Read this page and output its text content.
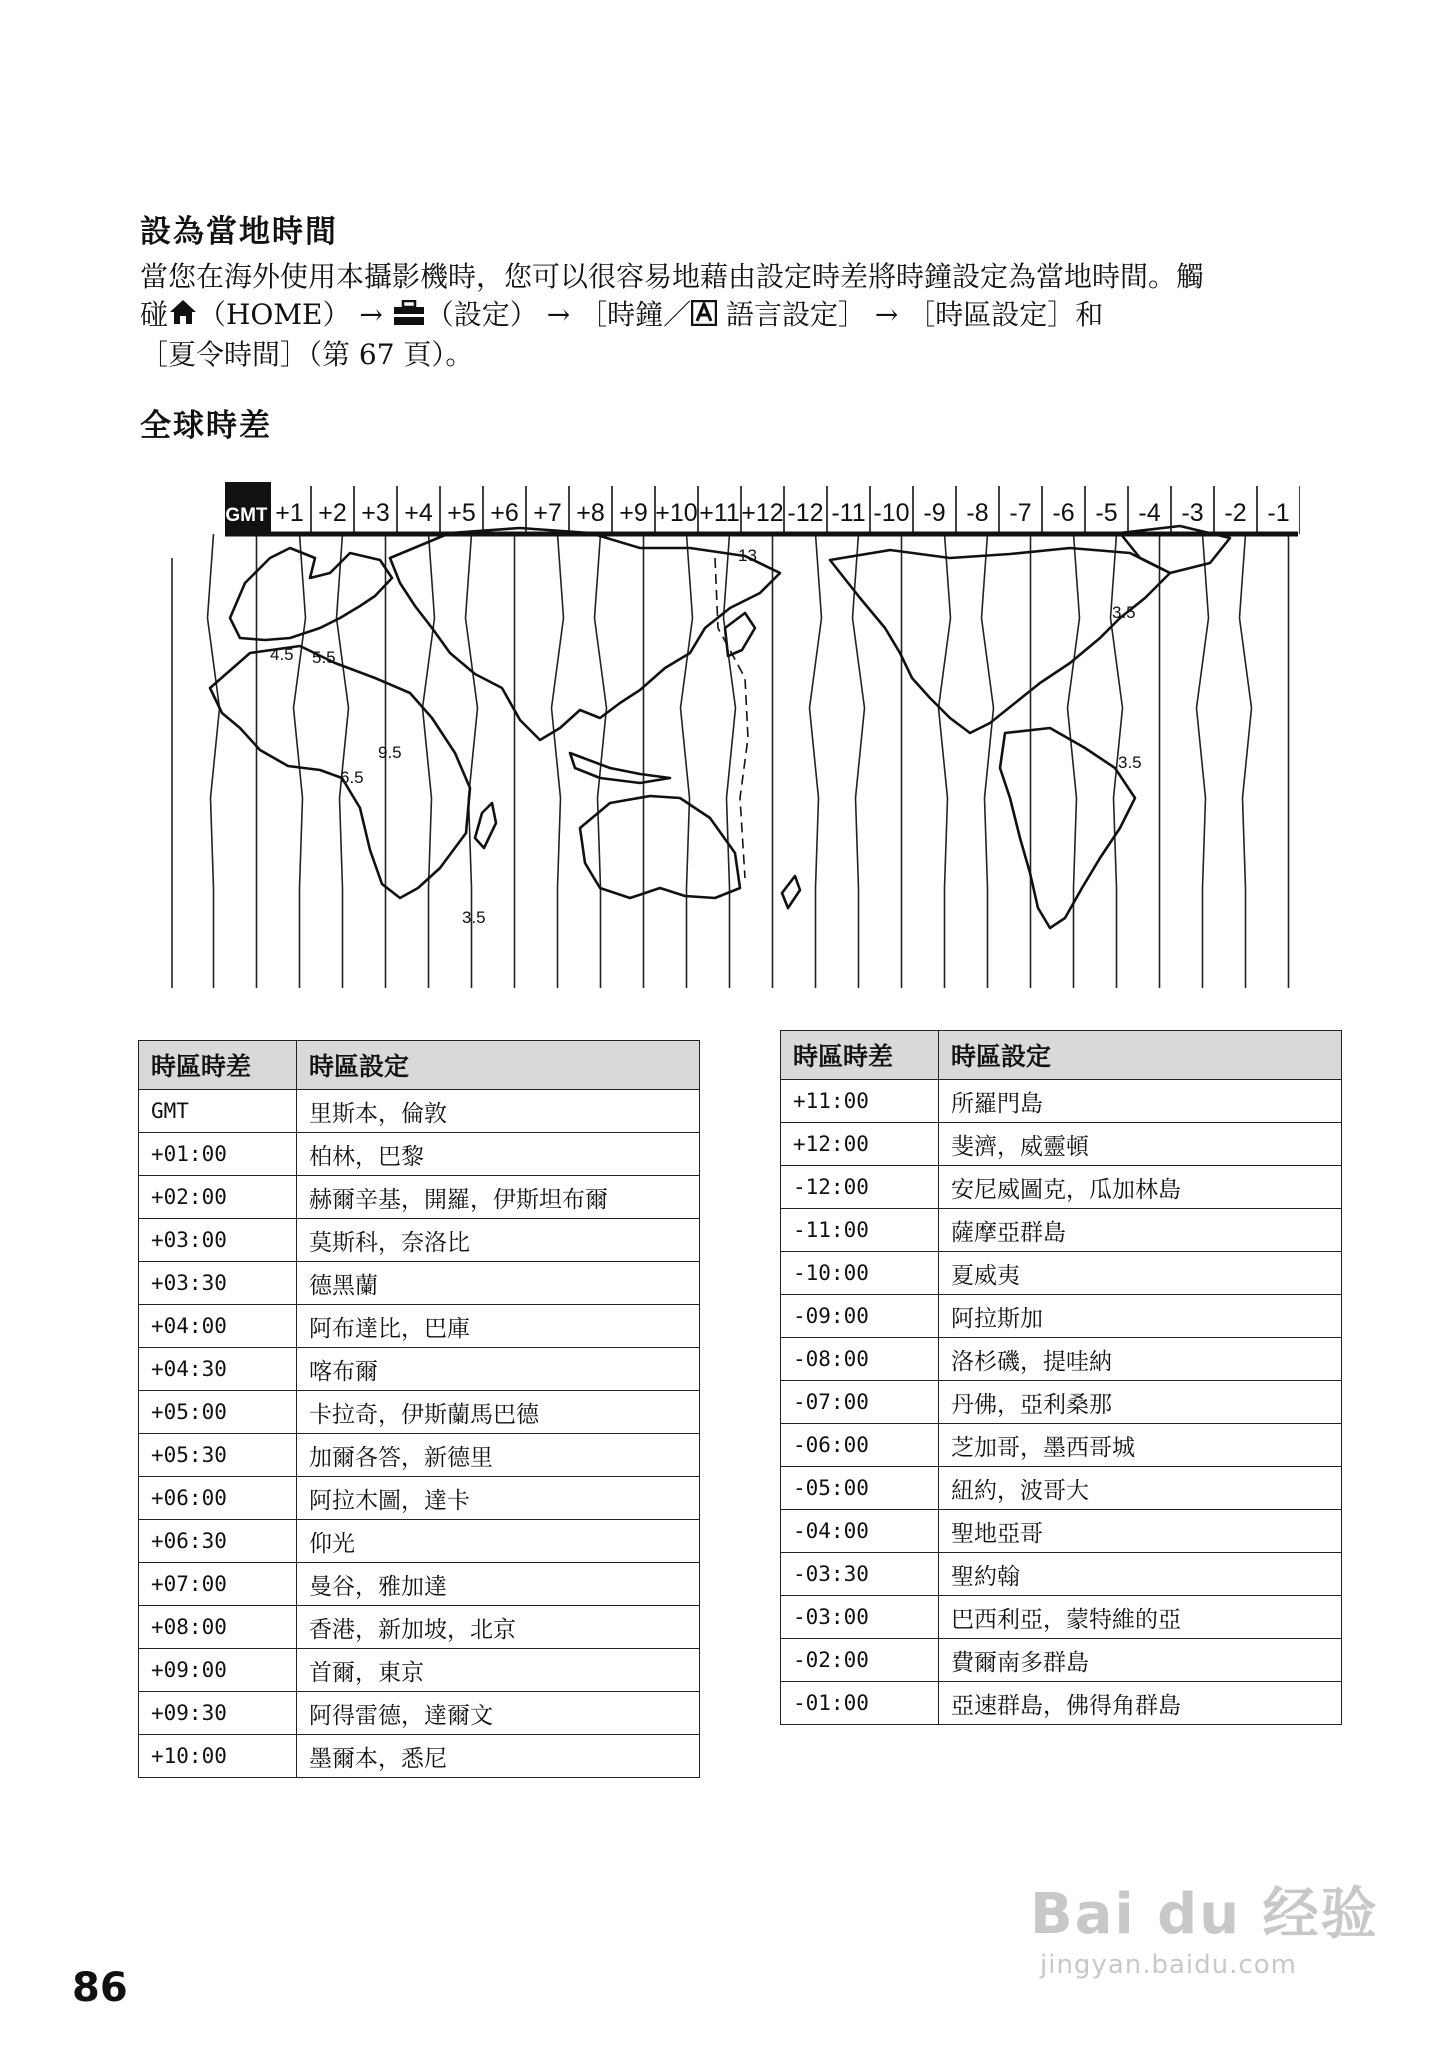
設為當地時間
當您在海外使用本攝影機時，您可以很容易地藉由設定時差將時鐘設定為當地時間。觸
碰 （HOME） → （設定） → ［時鐘／ 語言設定］ → ［時區設定］和
［夏令時間］（第 67 頁）。
全球時差
GMT +1 +2 +3 +4 +5 +6 +7 +8 +9 +10 +11 +12 -12 -11 -10 -9 -8 -7 -6 -5 -4 -3 -2 -1
13
3.5
4.5 5.5
6.5
9.5
3.5
3.5
時區時差	時區設定
GMT	里斯本，倫敦
+01:00	柏林，巴黎
+02:00	赫爾辛基，開羅，伊斯坦布爾
+03:00	莫斯科，奈洛比
+03:30	德黑蘭
+04:00	阿布達比，巴庫
+04:30	喀布爾
+05:00	卡拉奇，伊斯蘭馬巴德
+05:30	加爾各答，新德里
+06:00	阿拉木圖，達卡
+06:30	仰光
+07:00	曼谷，雅加達
+08:00	香港，新加坡，北京
+09:00	首爾，東京
+09:30	阿得雷德，達爾文
+10:00	墨爾本，悉尼
時區時差	時區設定
+11:00	所羅門島
+12:00	斐濟，威靈頓
-12:00	安尼威圖克，瓜加林島
-11:00	薩摩亞群島
-10:00	夏威夷
-09:00	阿拉斯加
-08:00	洛杉磯，提哇納
-07:00	丹佛，亞利桑那
-06:00	芝加哥，墨西哥城
-05:00	紐約，波哥大
-04:00	聖地亞哥
-03:30	聖約翰
-03:00	巴西利亞，蒙特維的亞
-02:00	費爾南多群島
-01:00	亞速群島，佛得角群島
86
Bai du 经验
jingyan.baidu.com
